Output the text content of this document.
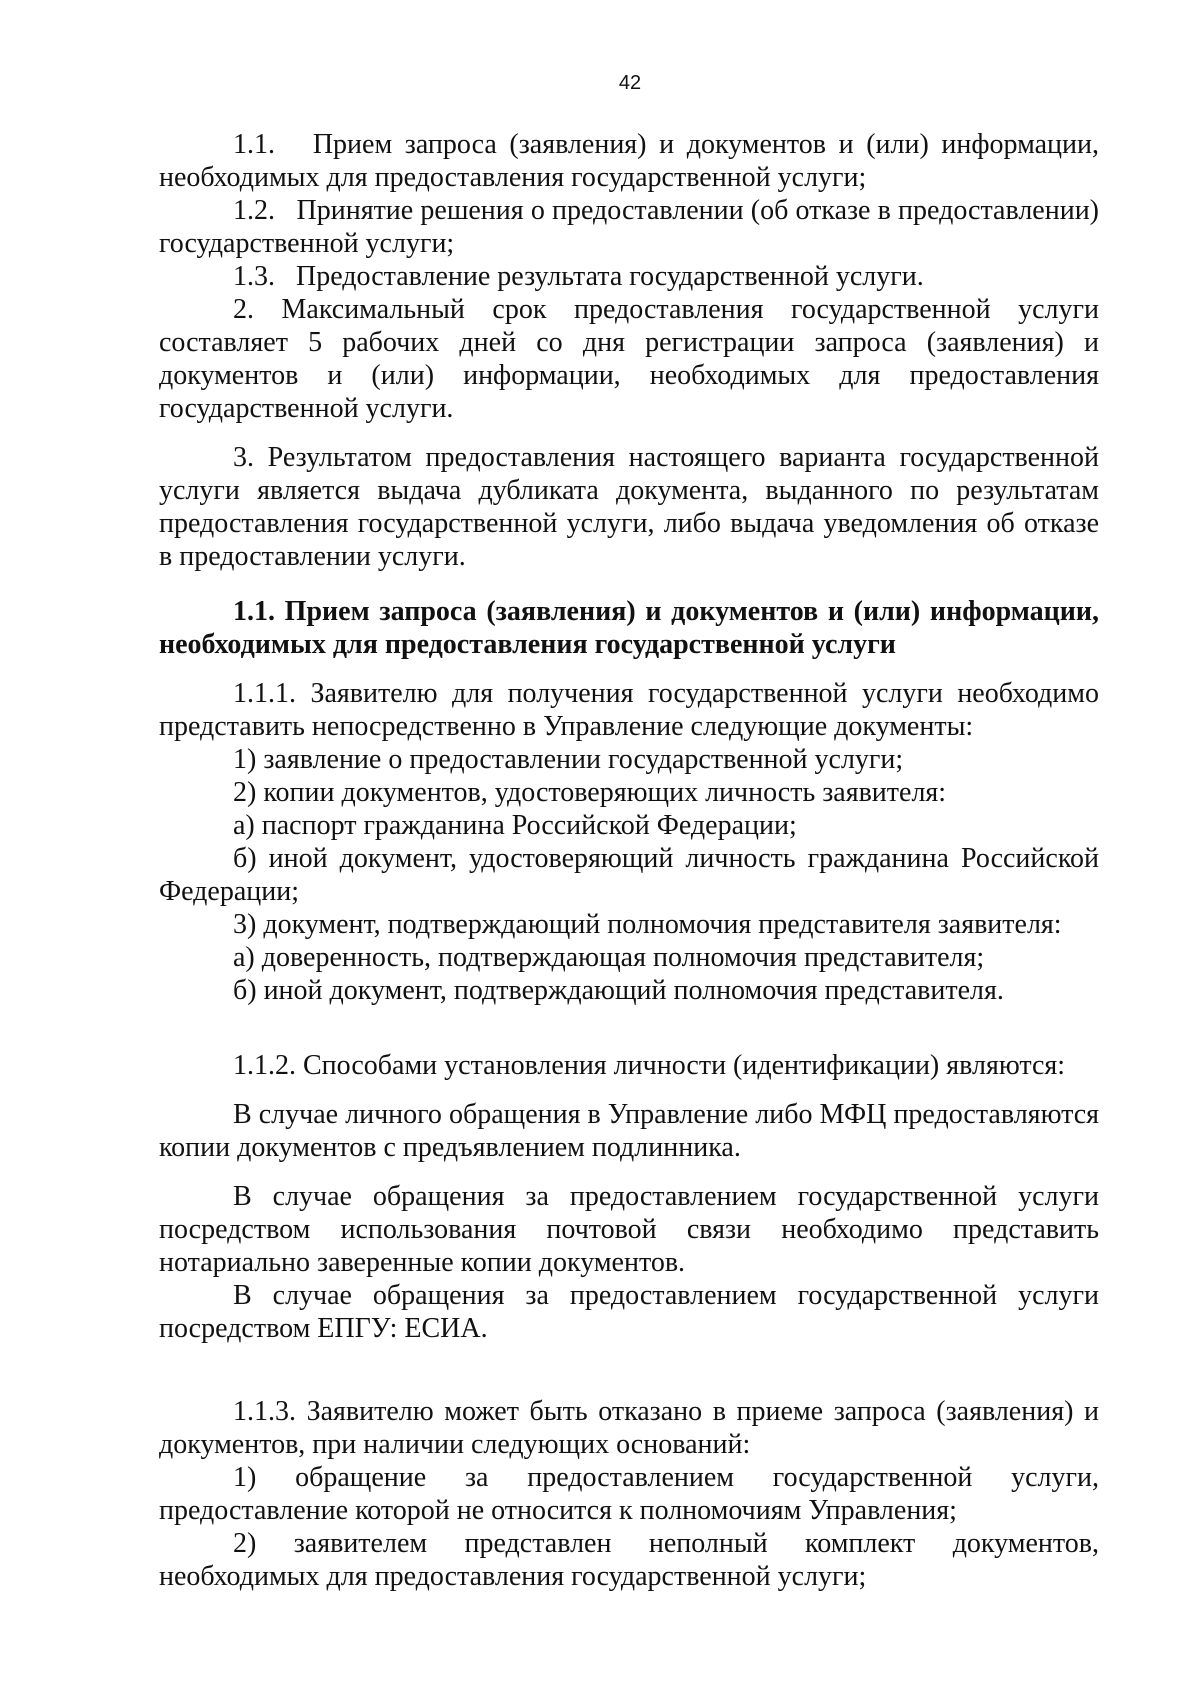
42

1.1.   Прием запроса (заявления) и документов и (или) информации, необходимых для предоставления государственной услуги;

1.2.   Принятие решения о предоставлении (об отказе в предоставлении) государственной услуги;

1.3.   Предоставление результата государственной услуги.

2. Максимальный срок предоставления государственной услуги составляет 5 рабочих дней со дня регистрации запроса (заявления) и документов и (или) информации, необходимых для предоставления государственной услуги.

3. Результатом предоставления настоящего варианта государственной услуги является выдача дубликата документа, выданного по результатам предоставления государственной услуги, либо выдача уведомления об отказе в предоставлении услуги.

1.1. Прием запроса (заявления) и документов и (или) информации, необходимых для предоставления государственной услуги

1.1.1. Заявителю для получения государственной услуги необходимо представить непосредственно в Управление следующие документы:

1) заявление о предоставлении государственной услуги;

2) копии документов, удостоверяющих личность заявителя:

а) паспорт гражданина Российской Федерации;

б) иной документ, удостоверяющий личность гражданина Российской Федерации;

3) документ, подтверждающий полномочия представителя заявителя:

а) доверенность, подтверждающая полномочия представителя;

б) иной документ, подтверждающий полномочия представителя.

1.1.2. Способами установления личности (идентификации) являются:

В случае личного обращения в Управление либо МФЦ предоставляются копии документов с предъявлением подлинника.

В случае обращения за предоставлением государственной услуги посредством использования почтовой связи необходимо представить нотариально заверенные копии документов.

В случае обращения за предоставлением государственной услуги посредством ЕПГУ: ЕСИА.

1.1.3. Заявителю может быть отказано в приеме запроса (заявления) и документов, при наличии следующих оснований:

1) обращение за предоставлением государственной услуги, предоставление которой не относится к полномочиям Управления;

2) заявителем представлен неполный комплект документов, необходимых для предоставления государственной услуги;
